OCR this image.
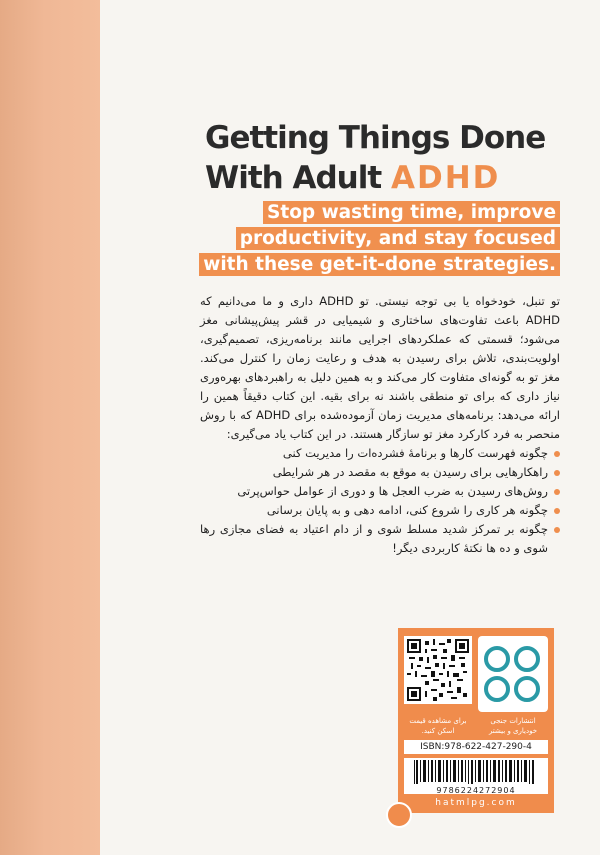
Getting Things Done
With Adult ADHD
Stop wasting time, improve productivity, and stay focused with these get-it-done strategies.

تو تنبل، خودخواه یا بی توجه نیستی. تو ADHD داری و ما می‌دانیم که ADHD باعث تفاوت‌های ساختاری و شیمیایی در قشر پیش‌پیشانی مغز می‌شود؛ قسمتی که عملکردهای اجرایی مانند برنامه‌ریزی، تصمیم‌گیری، اولویت‌بندی، تلاش برای رسیدن به هدف و رعایت زمان را کنترل می‌کند. مغز تو به گونه‌ای متفاوت کار می‌کند و به همین دلیل به راهبردهای بهره‌وری نیاز داری که برای تو منطقی باشند نه برای بقیه. این کتاب دقیقاً همین را ارائه می‌دهد: برنامه‌های مدیریت زمان آزموده‌شده برای ADHD که با روش منحصر به فرد کارکرد مغز تو سازگار هستند. در این کتاب یاد می‌گیری:

چگونه فهرست کارها و برنامهٔ فشرده‌ات را مدیریت کنی
راهکارهایی برای رسیدن به موقع به مقصد در هر شرایطی
روش‌های رسیدن به ضرب العجل ها و دوری از عوامل حواس‌پرتی
چگونه هر کاری را شروع کنی، ادامه دهی و به پایان برسانی
چگونه بر تمرکز شدید مسلط شوی و از دام اعتیاد به فضای مجازی رها شوی و ده ها نکتهٔ کاربردی دیگر!
برای مشاهده قیمت اسکن کنید.
انتشارات جنجی خودیاری و بیشتر
ISBN:978-622-427-290-4
9786224272904
hatmlpg.com
